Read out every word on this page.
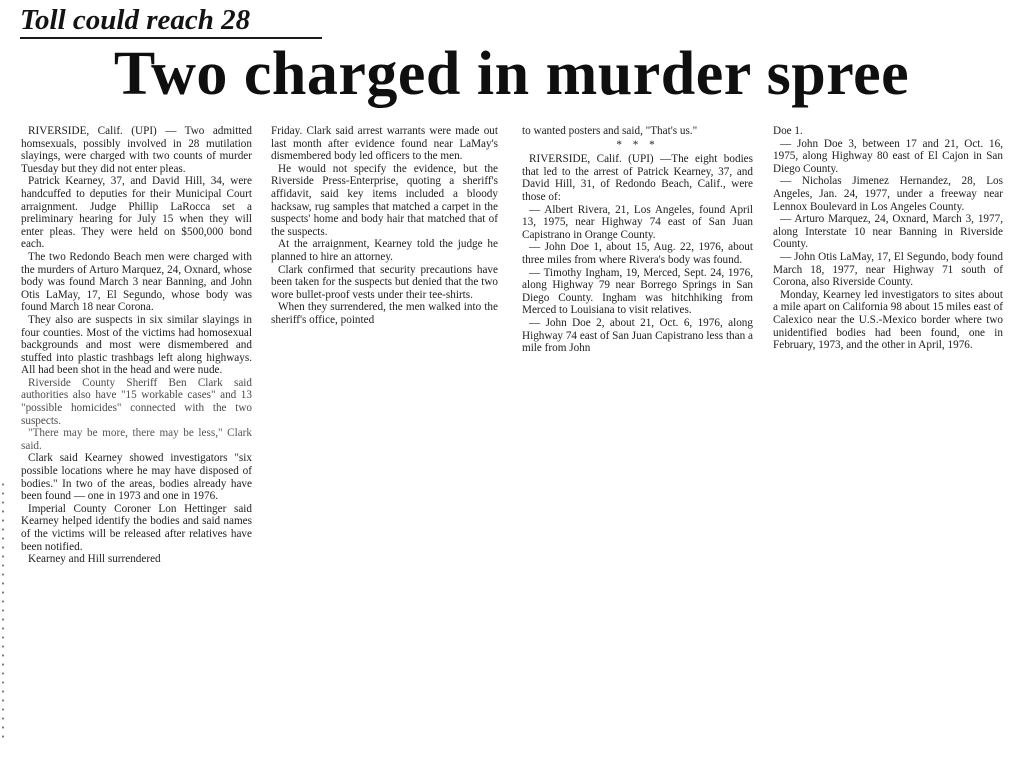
Toll could reach 28
Two charged in murder spree

RIVERSIDE, Calif. (UPI) — Two admitted homsexuals, possibly involved in 28 mutilation slayings, were charged with two counts of murder Tuesday but they did not enter pleas.

Patrick Kearney, 37, and David Hill, 34, were handcuffed to deputies for their Municipal Court arraignment. Judge Phillip LaRocca set a preliminary hearing for July 15 when they will enter pleas. They were held on $500,000 bond each.

The two Redondo Beach men were charged with the murders of Arturo Marquez, 24, Oxnard, whose body was found March 3 near Banning, and John Otis LaMay, 17, El Segundo, whose body was found March 18 near Corona.

They also are suspects in six similar slayings in four counties. Most of the victims had homosexual backgrounds and most were dismembered and stuffed into plastic trashbags left along highways. All had been shot in the head and were nude.

Riverside County Sheriff Ben Clark said authorities also have "15 workable cases" and 13 "possible homicides" connected with the two suspects.

"There may be more, there may be less," Clark said.

Clark said Kearney showed investigators "six possible locations where he may have disposed of bodies." In two of the areas, bodies already have been found — one in 1973 and one in 1976.

Imperial County Coroner Lon Hettinger said Kearney helped identify the bodies and said names of the victims will be released after relatives have been notified.

Kearney and Hill surrendered

Friday. Clark said arrest warrants were made out last month after evidence found near LaMay's dismembered body led officers to the men.

He would not specify the evidence, but the Riverside Press-Enterprise, quoting a sheriff's affidavit, said key items included a bloody hacksaw, rug samples that matched a carpet in the suspects' home and body hair that matched that of the suspects.

At the arraignment, Kearney told the judge he planned to hire an attorney.

Clark confirmed that security precautions have been taken for the suspects but denied that the two wore bullet-proof vests under their tee-shirts.

When they surrendered, the men walked into the sheriff's office, pointed

to wanted posters and said, "That's us."

* * *

RIVERSIDE, Calif. (UPI) —The eight bodies that led to the arrest of Patrick Kearney, 37, and David Hill, 31, of Redondo Beach, Calif., were those of:

— Albert Rivera, 21, Los Angeles, found April 13, 1975, near Highway 74 east of San Juan Capistrano in Orange County.

— John Doe 1, about 15, Aug. 22, 1976, about three miles from where Rivera's body was found.

— Timothy Ingham, 19, Merced, Sept. 24, 1976, along Highway 79 near Borrego Springs in San Diego County. Ingham was hitchhiking from Merced to Louisiana to visit relatives.

— John Doe 2, about 21, Oct. 6, 1976, along Highway 74 east of San Juan Capistrano less than a mile from John

Doe 1.

— John Doe 3, between 17 and 21, Oct. 16, 1975, along Highway 80 east of El Cajon in San Diego County.

— Nicholas Jimenez Hernandez, 28, Los Angeles, Jan. 24, 1977, under a freeway near Lennox Boulevard in Los Angeles County.

— Arturo Marquez, 24, Oxnard, March 3, 1977, along Interstate 10 near Banning in Riverside County.

— John Otis LaMay, 17, El Segundo, body found March 18, 1977, near Highway 71 south of Corona, also Riverside County.

Monday, Kearney led investigators to sites about a mile apart on California 98 about 15 miles east of Calexico near the U.S.-Mexico border where two unidentified bodies had been found, one in February, 1973, and the other in April, 1976.
